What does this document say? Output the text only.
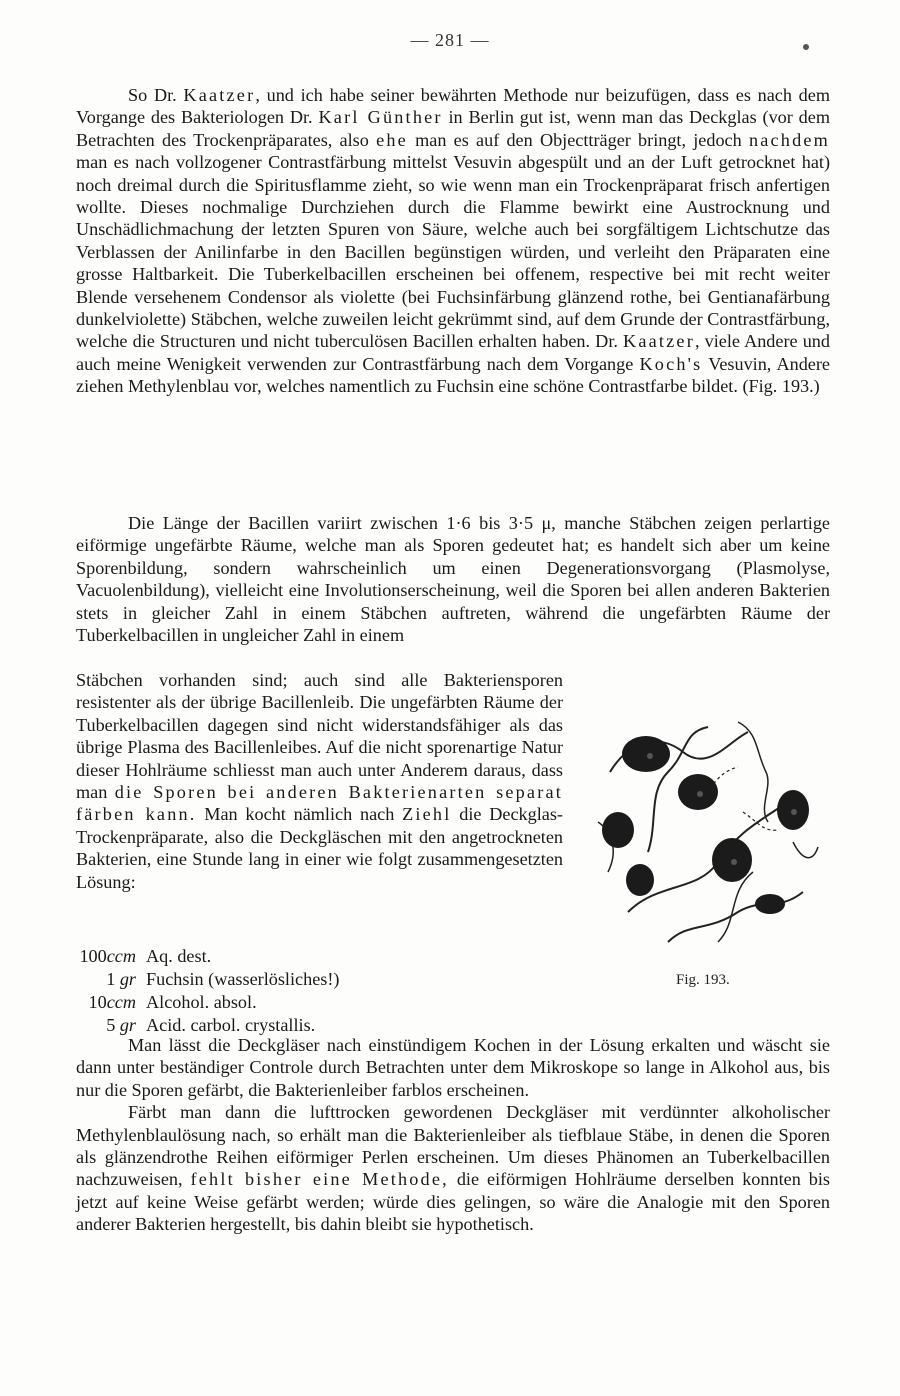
— 281 —

So Dr. Kaatzer, und ich habe seiner bewährten Methode nur beizufügen, dass es nach dem Vorgange des Bakteriologen Dr. Karl Günther in Berlin gut ist, wenn man das Deckglas (vor dem Betrachten des Trockenpräparates, also ehe man es auf den Objectträger bringt, jedoch nachdem man es nach vollzogener Contrastfärbung mittelst Vesuvin abgespült und an der Luft getrocknet hat) noch dreimal durch die Spiritusflamme zieht, so wie wenn man ein Trockenpräparat frisch anfertigen wollte. Dieses nochmalige Durchziehen durch die Flamme bewirkt eine Austrocknung und Unschädlichmachung der letzten Spuren von Säure, welche auch bei sorgfältigem Lichtschutze das Verblassen der Anilinfarbe in den Bacillen begünstigen würden, und verleiht den Präparaten eine grosse Haltbarkeit. Die Tuberkelbacillen erscheinen bei offenem, respective bei mit recht weiter Blende versehenem Condensor als violette (bei Fuchsinfärbung glänzend rothe, bei Gentianafärbung dunkelviolette) Stäbchen, welche zuweilen leicht gekrümmt sind, auf dem Grunde der Contrastfärbung, welche die Structuren und nicht tuberculösen Bacillen erhalten haben. Dr. Kaatzer, viele Andere und auch meine Wenigkeit verwenden zur Contrastfärbung nach dem Vorgange Koch's Vesuvin, Andere ziehen Methylenblau vor, welches namentlich zu Fuchsin eine schöne Contrastfarbe bildet. (Fig. 193.)

Die Länge der Bacillen variirt zwischen 1·6 bis 3·5 μ, manche Stäbchen zeigen perlartige eiförmige ungefärbte Räume, welche man als Sporen gedeutet hat; es handelt sich aber um keine Sporenbildung, sondern wahrscheinlich um einen Degenerationsvorgang (Plasmolyse, Vacuolenbildung), vielleicht eine Involutionserscheinung, weil die Sporen bei allen anderen Bakterien stets in gleicher Zahl in einem Stäbchen auftreten, während die ungefärbten Räume der Tuberkelbacillen in ungleicher Zahl in einem

Stäbchen vorhanden sind; auch sind alle Bakteriensporen resistenter als der übrige Bacillenleib. Die ungefärbten Räume der Tuberkelbacillen dagegen sind nicht widerstandsfähiger als das übrige Plasma des Bacillenleibes. Auf die nicht sporenartige Natur dieser Hohlräume schliesst man auch unter Anderem daraus, dass man die Sporen bei anderen Bakterienarten separat färben kann. Man kocht nämlich nach Ziehl die Deckglas-Trockenpräparate, also die Deckgläschen mit den angetrockneten Bakterien, eine Stunde lang in einer wie folgt zusammengesetzten Lösung:

100ccm Aq. dest.
1 gr Fuchsin (wasserlösliches!)
10ccm Alcohol. absol.
5 gr Acid. carbol. crystallis.
Fig. 193.

Man lässt die Deckgläser nach einstündigem Kochen in der Lösung erkalten und wäscht sie dann unter beständiger Controle durch Betrachten unter dem Mikroskope so lange in Alkohol aus, bis nur die Sporen gefärbt, die Bakterienleiber farblos erscheinen.

Färbt man dann die lufttrocken gewordenen Deckgläser mit verdünnter alkoholischer Methylenblaulösung nach, so erhält man die Bakterienleiber als tiefblaue Stäbe, in denen die Sporen als glänzendrothe Reihen eiförmiger Perlen erscheinen. Um dieses Phänomen an Tuberkelbacillen nachzuweisen, fehlt bisher eine Methode, die eiförmigen Hohlräume derselben konnten bis jetzt auf keine Weise gefärbt werden; würde dies gelingen, so wäre die Analogie mit den Sporen anderer Bakterien hergestellt, bis dahin bleibt sie hypothetisch.
